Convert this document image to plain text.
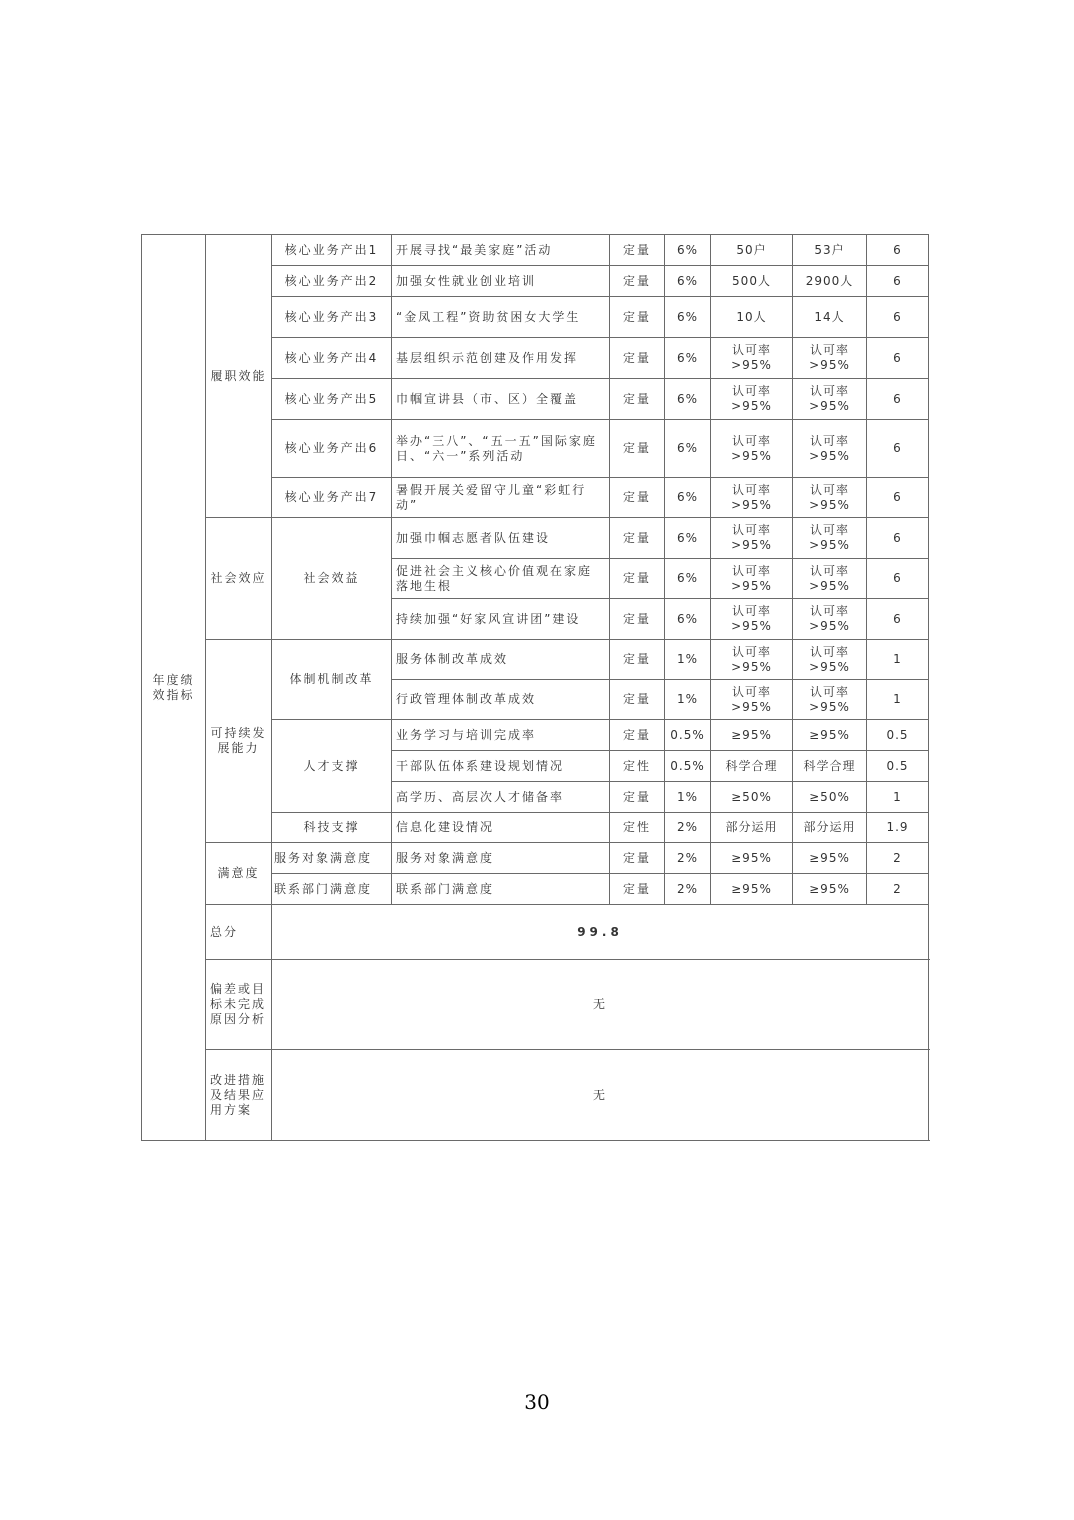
年度绩效指标	履职效能	核心业务产出1	开展寻找“最美家庭”活动	定量	6%	50户	53户	6
		核心业务产出2	加强女性就业创业培训	定量	6%	500人	2900人	6
		核心业务产出3	“金凤工程”资助贫困女大学生	定量	6%	10人	14人	6
		核心业务产出4	基层组织示范创建及作用发挥	定量	6%	认可率>95%	认可率>95%	6
		核心业务产出5	巾帼宣讲县（市、区）全覆盖	定量	6%	认可率>95%	认可率>95%	6
		核心业务产出6	举办“三八”、“五一五”国际家庭日、“六一”系列活动	定量	6%	认可率>95%	认可率>95%	6
		核心业务产出7	暑假开展关爱留守儿童“彩虹行动”	定量	6%	认可率>95%	认可率>95%	6
	社会效应	社会效益	加强巾帼志愿者队伍建设	定量	6%	认可率>95%	认可率>95%	6
			促进社会主义核心价值观在家庭落地生根	定量	6%	认可率>95%	认可率>95%	6
			持续加强“好家风宣讲团”建设	定量	6%	认可率>95%	认可率>95%	6
	可持续发展能力	体制机制改革	服务体制改革成效	定量	1%	认可率>95%	认可率>95%	1
			行政管理体制改革成效	定量	1%	认可率>95%	认可率>95%	1
		人才支撑	业务学习与培训完成率	定量	0.5%	≥95%	≥95%	0.5
			干部队伍体系建设规划情况	定性	0.5%	科学合理	科学合理	0.5
			高学历、高层次人才储备率	定量	1%	≥50%	≥50%	1
		科技支撑	信息化建设情况	定性	2%	部分运用	部分运用	1.9
	满意度	服务对象满意度	服务对象满意度	定量	2%	≥95%	≥95%	2
		联系部门满意度	联系部门满意度	定量	2%	≥95%	≥95%	2
	总分	99.8						
	偏差或目标未完成原因分析	无						
	改进措施及结果应用方案	无						
30
